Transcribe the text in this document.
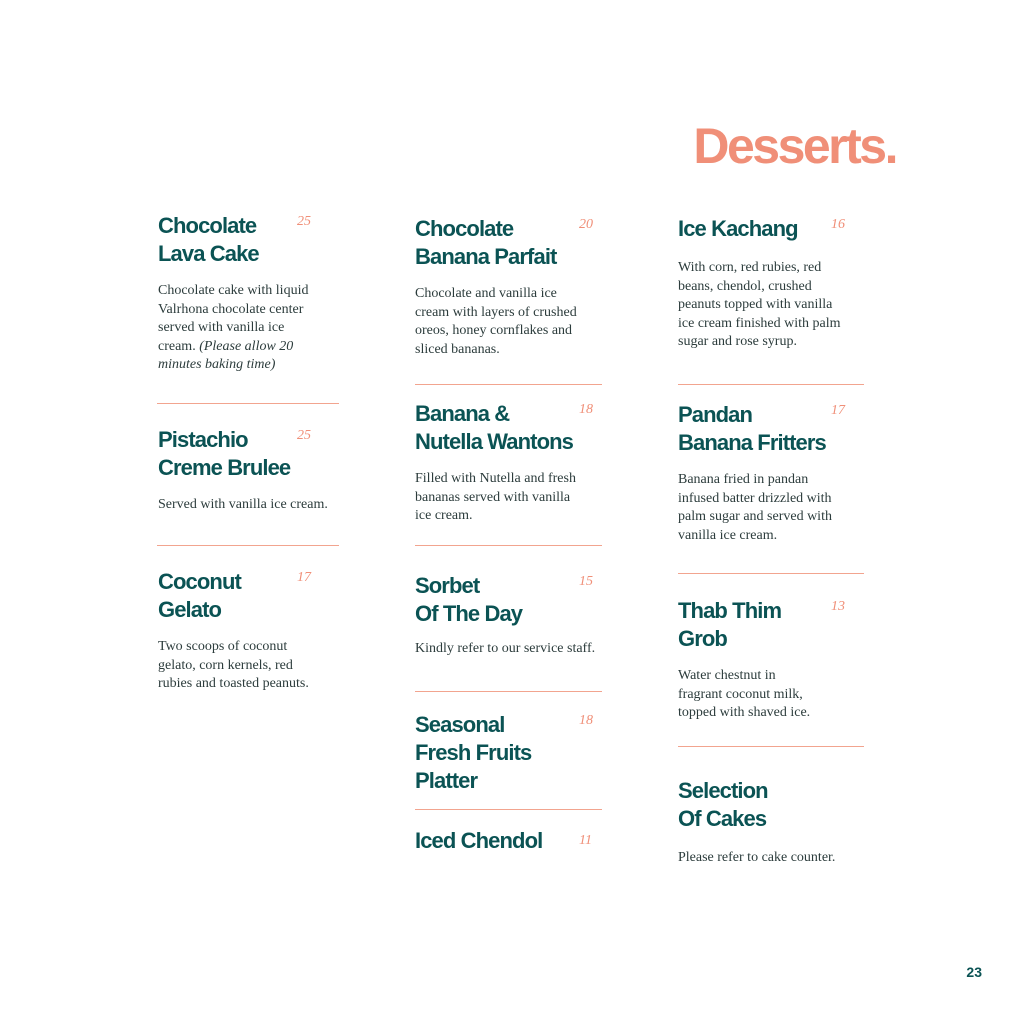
Desserts.
Chocolate
Lava Cake
25

Chocolate cake with liquid
Valrhona chocolate center
served with vanilla ice
cream. (Please allow 20
minutes baking time)

Pistachio
Creme Brulee
25

Served with vanilla ice cream.

Coconut
Gelato
17

Two scoops of coconut
gelato, corn kernels, red
rubies and toasted peanuts.

Chocolate
Banana Parfait
20

Chocolate and vanilla ice
cream with layers of crushed
oreos, honey cornflakes and
sliced bananas.

Banana &
Nutella Wantons
18

Filled with Nutella and fresh
bananas served with vanilla
ice cream.

Sorbet
Of The Day
15

Kindly refer to our service staff.

Seasonal
Fresh Fruits
Platter
18
Iced Chendol	11
Ice Kachang	16

With corn, red rubies, red
beans, chendol, crushed
peanuts topped with vanilla
ice cream finished with palm
sugar and rose syrup.

Pandan
Banana Fritters
17

Banana fried in pandan
infused batter drizzled with
palm sugar and served with
vanilla ice cream.

Thab Thim
Grob
13

Water chestnut in
fragrant coconut milk,
topped with shaved ice.

Selection
Of Cakes

Please refer to cake counter.

23
